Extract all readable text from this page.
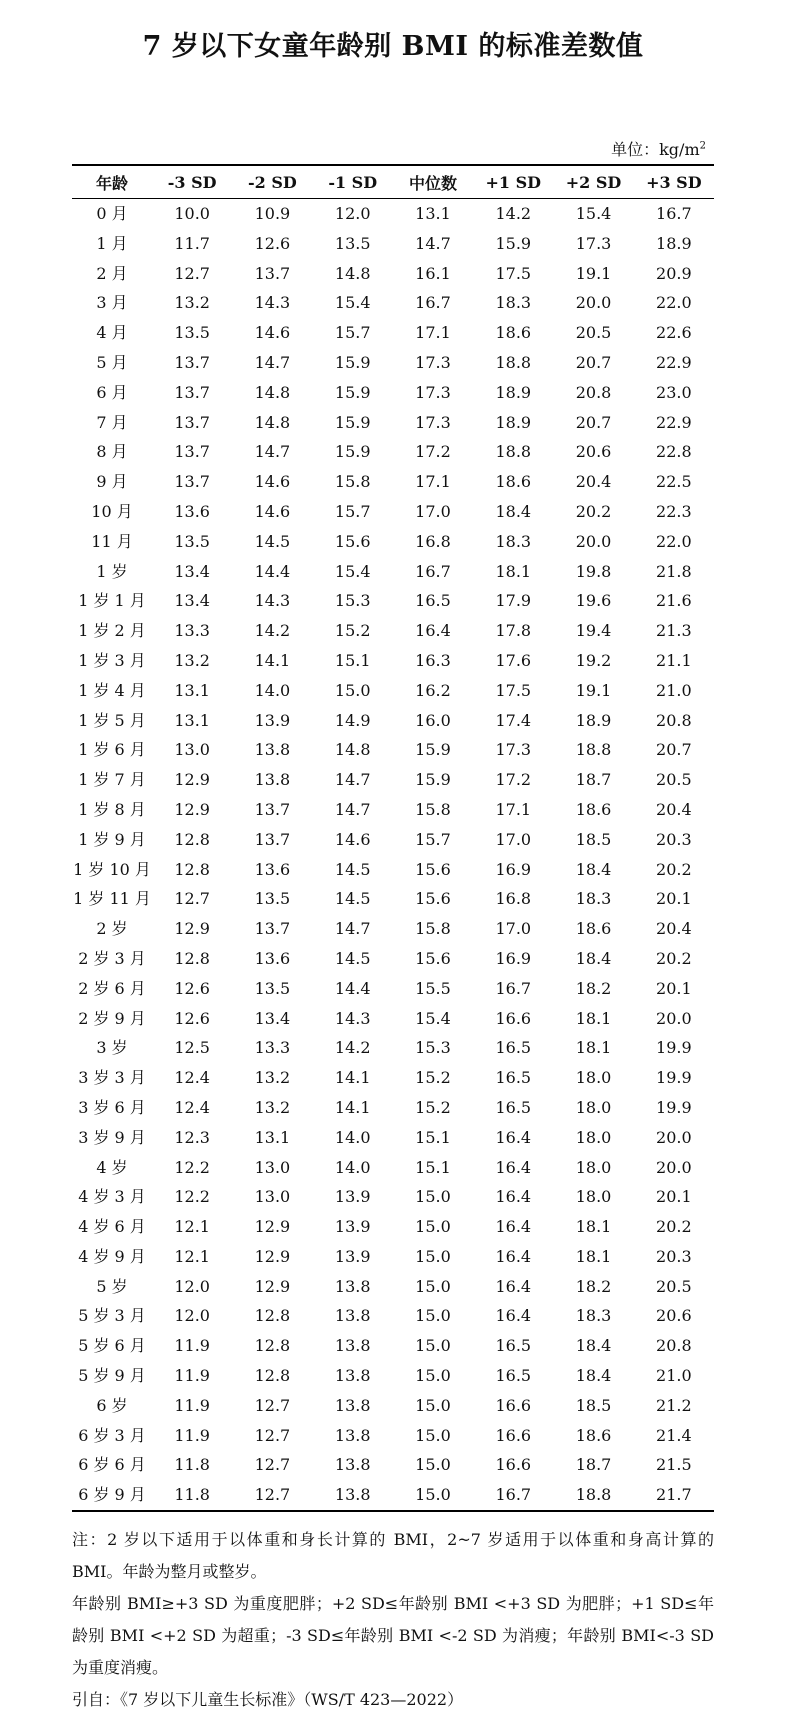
7 岁以下女童年龄别 BMI 的标准差数值
单位：$kg/m^2$
年龄	-3 SD	-2 SD	-1 SD	中位数	+1 SD	+2 SD	+3 SD
0 月	10.0	10.9	12.0	13.1	14.2	15.4	16.7
1 月	11.7	12.6	13.5	14.7	15.9	17.3	18.9
2 月	12.7	13.7	14.8	16.1	17.5	19.1	20.9
3 月	13.2	14.3	15.4	16.7	18.3	20.0	22.0
4 月	13.5	14.6	15.7	17.1	18.6	20.5	22.6
5 月	13.7	14.7	15.9	17.3	18.8	20.7	22.9
6 月	13.7	14.8	15.9	17.3	18.9	20.8	23.0
7 月	13.7	14.8	15.9	17.3	18.9	20.7	22.9
8 月	13.7	14.7	15.9	17.2	18.8	20.6	22.8
9 月	13.7	14.6	15.8	17.1	18.6	20.4	22.5
10 月	13.6	14.6	15.7	17.0	18.4	20.2	22.3
11 月	13.5	14.5	15.6	16.8	18.3	20.0	22.0
1 岁	13.4	14.4	15.4	16.7	18.1	19.8	21.8
1 岁 1 月	13.4	14.3	15.3	16.5	17.9	19.6	21.6
1 岁 2 月	13.3	14.2	15.2	16.4	17.8	19.4	21.3
1 岁 3 月	13.2	14.1	15.1	16.3	17.6	19.2	21.1
1 岁 4 月	13.1	14.0	15.0	16.2	17.5	19.1	21.0
1 岁 5 月	13.1	13.9	14.9	16.0	17.4	18.9	20.8
1 岁 6 月	13.0	13.8	14.8	15.9	17.3	18.8	20.7
1 岁 7 月	12.9	13.8	14.7	15.9	17.2	18.7	20.5
1 岁 8 月	12.9	13.7	14.7	15.8	17.1	18.6	20.4
1 岁 9 月	12.8	13.7	14.6	15.7	17.0	18.5	20.3
1 岁 10 月	12.8	13.6	14.5	15.6	16.9	18.4	20.2
1 岁 11 月	12.7	13.5	14.5	15.6	16.8	18.3	20.1
2 岁	12.9	13.7	14.7	15.8	17.0	18.6	20.4
2 岁 3 月	12.8	13.6	14.5	15.6	16.9	18.4	20.2
2 岁 6 月	12.6	13.5	14.4	15.5	16.7	18.2	20.1
2 岁 9 月	12.6	13.4	14.3	15.4	16.6	18.1	20.0
3 岁	12.5	13.3	14.2	15.3	16.5	18.1	19.9
3 岁 3 月	12.4	13.2	14.1	15.2	16.5	18.0	19.9
3 岁 6 月	12.4	13.2	14.1	15.2	16.5	18.0	19.9
3 岁 9 月	12.3	13.1	14.0	15.1	16.4	18.0	20.0
4 岁	12.2	13.0	14.0	15.1	16.4	18.0	20.0
4 岁 3 月	12.2	13.0	13.9	15.0	16.4	18.0	20.1
4 岁 6 月	12.1	12.9	13.9	15.0	16.4	18.1	20.2
4 岁 9 月	12.1	12.9	13.9	15.0	16.4	18.1	20.3
5 岁	12.0	12.9	13.8	15.0	16.4	18.2	20.5
5 岁 3 月	12.0	12.8	13.8	15.0	16.4	18.3	20.6
5 岁 6 月	11.9	12.8	13.8	15.0	16.5	18.4	20.8
5 岁 9 月	11.9	12.8	13.8	15.0	16.5	18.4	21.0
6 岁	11.9	12.7	13.8	15.0	16.6	18.5	21.2
6 岁 3 月	11.9	12.7	13.8	15.0	16.6	18.6	21.4
6 岁 6 月	11.8	12.7	13.8	15.0	16.6	18.7	21.5
6 岁 9 月	11.8	12.7	13.8	15.0	16.7	18.8	21.7

注：2 岁以下适用于以体重和身长计算的 BMI，2~7 岁适用于以体重和身高计算的 BMI。年龄为整月或整岁。

年龄别 BMI≥+3 SD 为重度肥胖；+2 SD≤年龄别 BMI <+3 SD 为肥胖；+1 SD≤年龄别 BMI <+2 SD 为超重；-3 SD≤年龄别 BMI <-2 SD 为消瘦；年龄别 BMI<-3 SD 为重度消瘦。

引自：《7 岁以下儿童生长标准》（WS/T 423—2022）
